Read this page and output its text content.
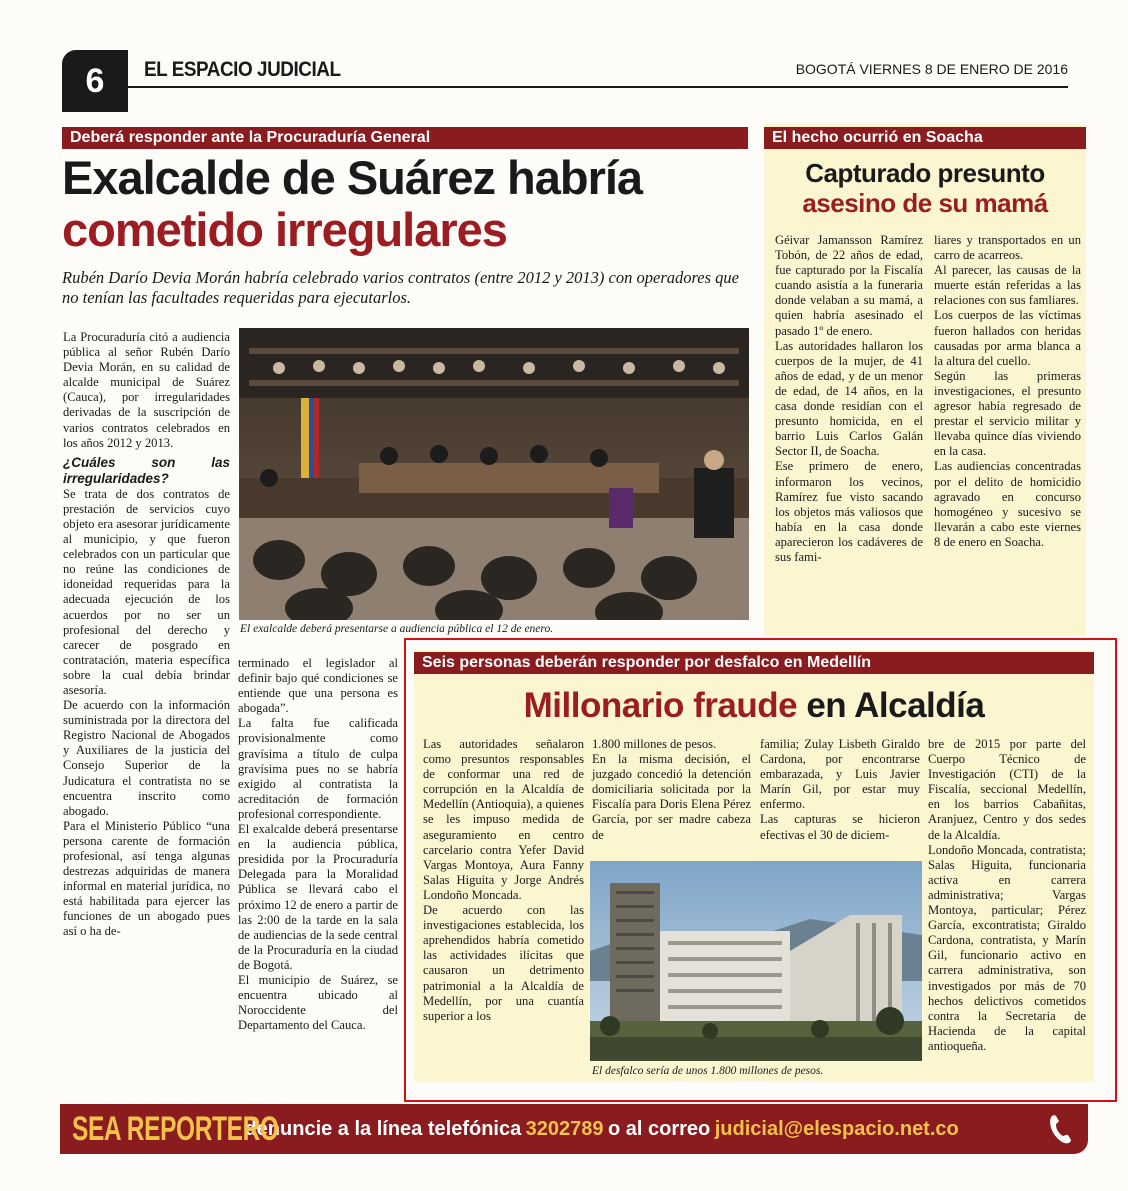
6	EL ESPACIO JUDICIAL	BOGOTÁ VIERNES 8 DE ENERO DE 2016
Deberá responder ante la Procuraduría General
Exalcalde de Suárez habría
cometido irregulares
Rubén Darío Devia Morán habría celebrado varios contratos (entre 2012 y 2013) con operadores que no tenían las facultades requeridas para ejecutarlos.

La Procuraduría citó a audiencia pública al señor Rubén Darío Devia Morán, en su calidad de alcalde municipal de Suárez (Cauca), por irregularidades derivadas de la suscripción de varios contratos celebrados en los años 2012 y 2013.

¿Cuáles son las irregularidades?

Se trata de dos contratos de prestación de servicios cuyo objeto era asesorar jurídicamente al municipio, y que fueron celebrados con un particular que no reúne las condiciones de idoneidad requeridas para la adecuada ejecución de los acuerdos por no ser un profesional del derecho y carecer de posgrado en contratación, materia específica sobre la cual debía brindar asesoría.

De acuerdo con la información suministrada por la directora del Registro Nacional de Abogados y Auxiliares de la justicia del Consejo Superior de la Judicatura el contratista no se encuentra inscrito como abogado.

Para el Ministerio Público “una persona carente de formación profesional, así tenga algunas destrezas adquiridas de manera informal en material jurídica, no está habilitada para ejercer las funciones de un abogado pues así o ha de-

El exalcalde deberá presentarse a audiencia pública el 12 de enero.

terminado el legislador al definir bajo qué condiciones se entiende que una persona es abogada”.

La falta fue calificada provisionalmente como gravísima a título de culpa gravísima pues no se habría exigido al contratista la acreditación de formación profesional correspondiente.

El exalcalde deberá presentarse en la audiencia pública, presidida por la Procuraduría Delegada para la Moralidad Pública se llevará cabo el próximo 12 de enero a partir de las 2:00 de la tarde en la sala de audiencias de la sede central de la Procuraduría en la ciudad de Bogotá.

El municipio de Suárez, se encuentra ubicado al Noroccidente del Departamento del Cauca.

El hecho ocurrió en Soacha
Capturado presunto
asesino de su mamá

Géivar Jamansson Ramírez Tobón, de 22 años de edad, fue capturado por la Fiscalía cuando asistía a la funeraria donde velaban a su mamá, a quien habría asesinado el pasado 1º de enero.

Las autoridades hallaron los cuerpos de la mujer, de 41 años de edad, y de un menor de edad, de 14 años, en la casa donde residían con el presunto homicida, en el barrio Luis Carlos Galán Sector II, de Soacha.

Ese primero de enero, informaron los vecinos, Ramírez fue visto sacando los objetos más valiosos que había en la casa donde aparecieron los cadáveres de sus fami-

liares y transportados en un carro de acarreos.

Al parecer, las causas de la muerte están referidas a las relaciones con sus famliares.

Los cuerpos de las víctimas fueron hallados con heridas causadas por arma blanca a la altura del cuello.

Según las primeras investigaciones, el presunto agresor había regresado de prestar el servicio militar y llevaba quince días viviendo en la casa.

Las audiencias concentradas por el delito de homicidio agravado en concurso homogéneo y sucesivo se llevarán a cabo este viernes 8 de enero en Soacha.

Seis personas deberán responder por desfalco en Medellín
Millonario fraude en Alcaldía

Las autoridades señalaron como presuntos responsables de conformar una red de corrupción en la Alcaldía de Medellín (Antioquia), a quienes se les impuso medida de aseguramiento en centro carcelario contra Yefer David Vargas Montoya, Aura Fanny Salas Higuita y Jorge Andrés Londoño Moncada.

De acuerdo con las investigaciones establecida, los aprehendidos habría cometido las actividades ilícitas que causaron un detrimento patrimonial a la Alcaldía de Medellín, por una cuantía superior a los

1.800 millones de pesos.

En la misma decisión, el juzgado concedió la detención domiciliaria solicitada por la Fiscalía para Doris Elena Pérez García, por ser madre cabeza de

familia; Zulay Lisbeth Giraldo Cardona, por encontrarse embarazada, y Luis Javier Marín Gil, por estar muy enfermo.

Las capturas se hicieron efectivas el 30 de diciem-

bre de 2015 por parte del Cuerpo Técnico de Investigación (CTI) de la Fiscalía, seccional Medellín, en los barrios Cabañitas, Aranjuez, Centro y dos sedes de la Alcaldía.

Londoño Moncada, contratista; Salas Higuita, funcionaria activa en carrera administrativa; Vargas Montoya, particular; Pérez García, excontratista; Giraldo Cardona, contratista, y Marín Gil, funcionario activo en carrera administrativa, son investigados por más de 70 hechos delictivos cometidos contra la Secretaria de Hacienda de la capital antioqueña.

El desfalco sería de unos 1.800 millones de pesos.
SEA REPORTERO denuncie a la línea telefónica 3202789 o al correo judicial@elespacio.net.co
